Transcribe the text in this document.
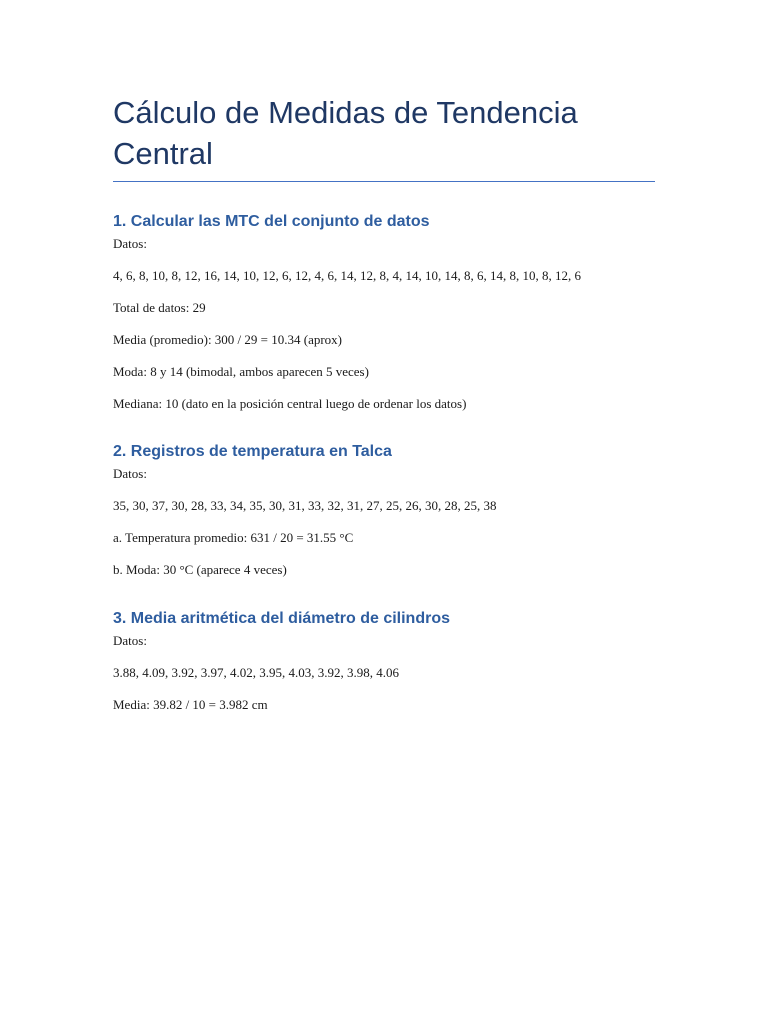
Cálculo de Medidas de Tendencia Central
1. Calcular las MTC del conjunto de datos

Datos:

4, 6, 8, 10, 8, 12, 16, 14, 10, 12, 6, 12, 4, 6, 14, 12, 8, 4, 14, 10, 14, 8, 6, 14, 8, 10, 8, 12, 6

Total de datos: 29

Media (promedio): 300 / 29 = 10.34 (aprox)

Moda: 8 y 14 (bimodal, ambos aparecen 5 veces)

Mediana: 10 (dato en la posición central luego de ordenar los datos)

2. Registros de temperatura en Talca

Datos:

35, 30, 37, 30, 28, 33, 34, 35, 30, 31, 33, 32, 31, 27, 25, 26, 30, 28, 25, 38

a. Temperatura promedio: 631 / 20 = 31.55 °C

b. Moda: 30 °C (aparece 4 veces)

3. Media aritmética del diámetro de cilindros

Datos:

3.88, 4.09, 3.92, 3.97, 4.02, 3.95, 4.03, 3.92, 3.98, 4.06

Media: 39.82 / 10 = 3.982 cm
